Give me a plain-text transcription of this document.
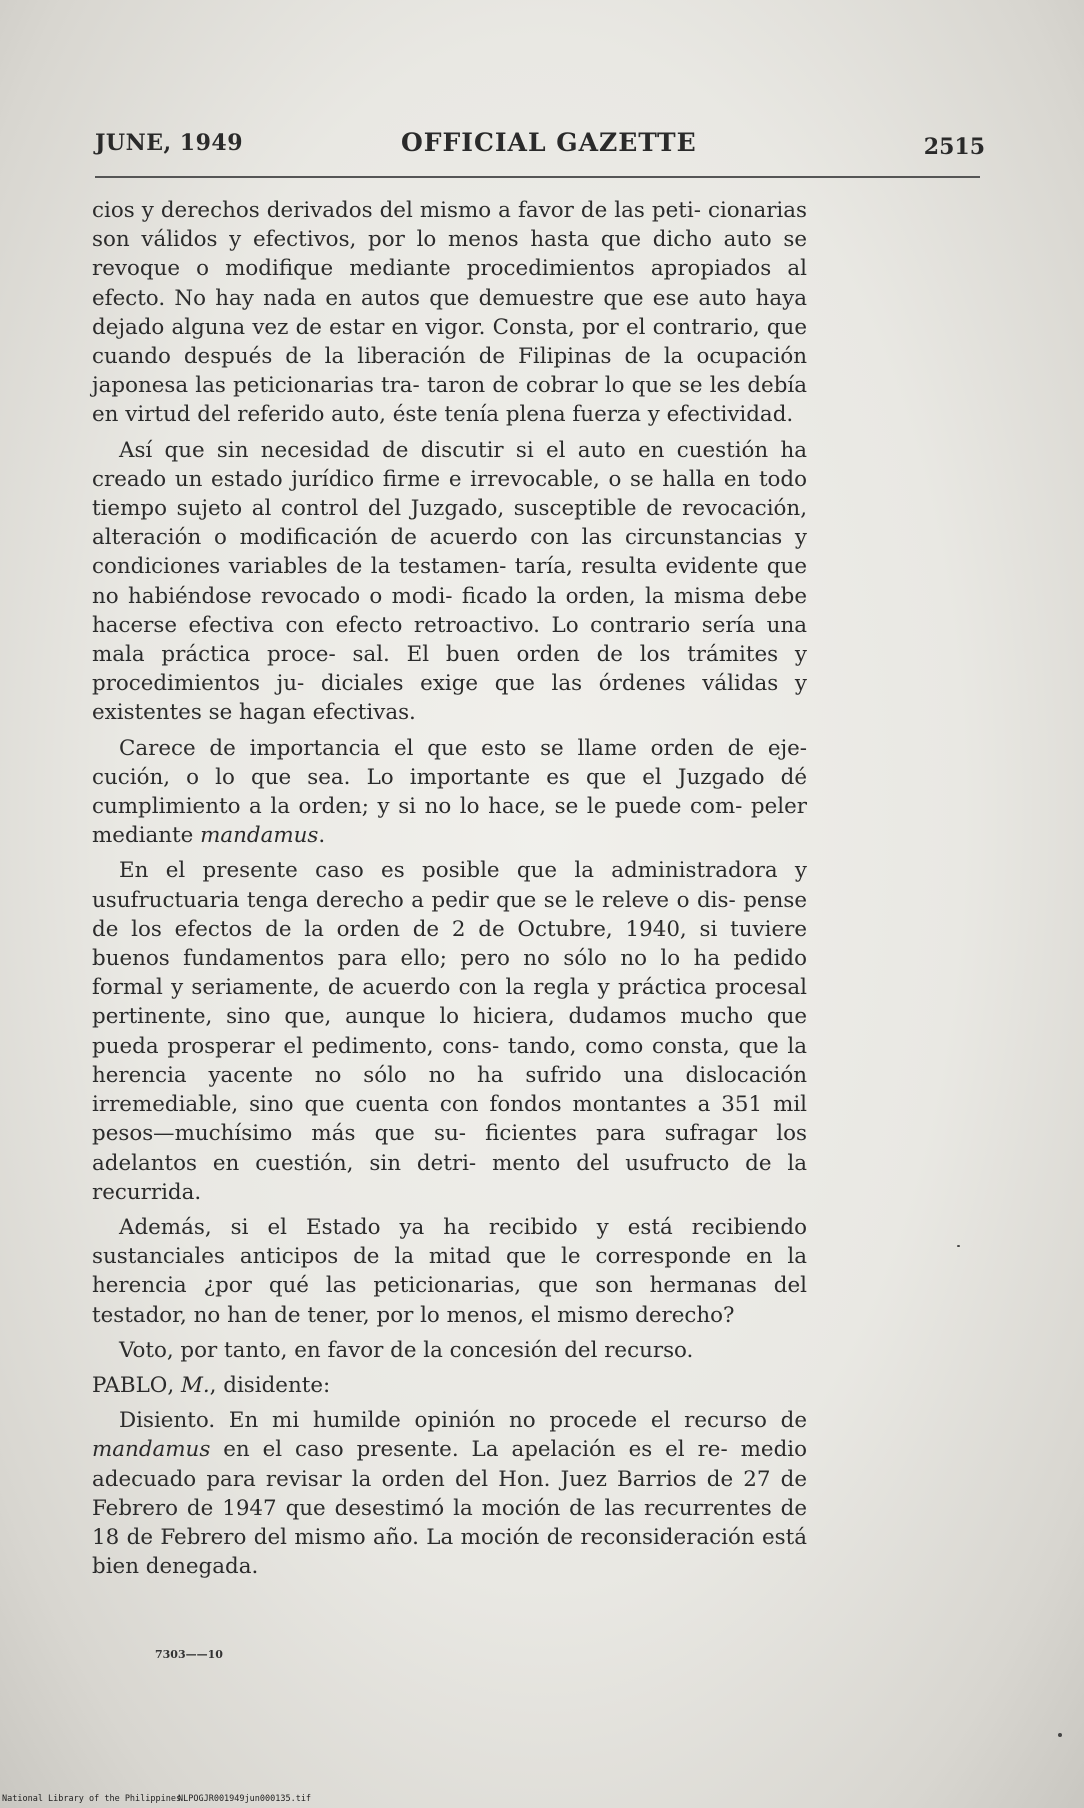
JUNE, 1949	OFFICIAL GAZETTE	2515

cios y derechos derivados del mismo a favor de las peti- cionarias son válidos y efectivos, por lo menos hasta que dicho auto se revoque o modifique mediante procedimientos apropiados al efecto. No hay nada en autos que demuestre que ese auto haya dejado alguna vez de estar en vigor. Consta, por el contrario, que cuando después de la liberación de Filipinas de la ocupación japonesa las peticionarias tra- taron de cobrar lo que se les debía en virtud del referido auto, éste tenía plena fuerza y efectividad.

Así que sin necesidad de discutir si el auto en cuestión ha creado un estado jurídico firme e irrevocable, o se halla en todo tiempo sujeto al control del Juzgado, susceptible de revocación, alteración o modificación de acuerdo con las circunstancias y condiciones variables de la testamen- taría, resulta evidente que no habiéndose revocado o modi- ficado la orden, la misma debe hacerse efectiva con efecto retroactivo. Lo contrario sería una mala práctica proce- sal. El buen orden de los trámites y procedimientos ju- diciales exige que las órdenes válidas y existentes se hagan efectivas.

Carece de importancia el que esto se llame orden de eje- cución, o lo que sea. Lo importante es que el Juzgado dé cumplimiento a la orden; y si no lo hace, se le puede com- peler mediante mandamus.

En el presente caso es posible que la administradora y usufructuaria tenga derecho a pedir que se le releve o dis- pense de los efectos de la orden de 2 de Octubre, 1940, si tuviere buenos fundamentos para ello; pero no sólo no lo ha pedido formal y seriamente, de acuerdo con la regla y práctica procesal pertinente, sino que, aunque lo hiciera, dudamos mucho que pueda prosperar el pedimento, cons- tando, como consta, que la herencia yacente no sólo no ha sufrido una dislocación irremediable, sino que cuenta con fondos montantes a 351 mil pesos—muchísimo más que su- ficientes para sufragar los adelantos en cuestión, sin detri- mento del usufructo de la recurrida.

Además, si el Estado ya ha recibido y está recibiendo sustanciales anticipos de la mitad que le corresponde en la herencia ¿por qué las peticionarias, que son hermanas del testador, no han de tener, por lo menos, el mismo derecho?

Voto, por tanto, en favor de la concesión del recurso.

PABLO, M., disidente:

Disiento. En mi humilde opinión no procede el recurso de mandamus en el caso presente. La apelación es el re- medio adecuado para revisar la orden del Hon. Juez Barrios de 27 de Febrero de 1947 que desestimó la moción de las recurrentes de 18 de Febrero del mismo año. La moción de reconsideración está bien denegada.

7303——10
National Library of the Philippines
NLPOGJR001949jun000135.tif
